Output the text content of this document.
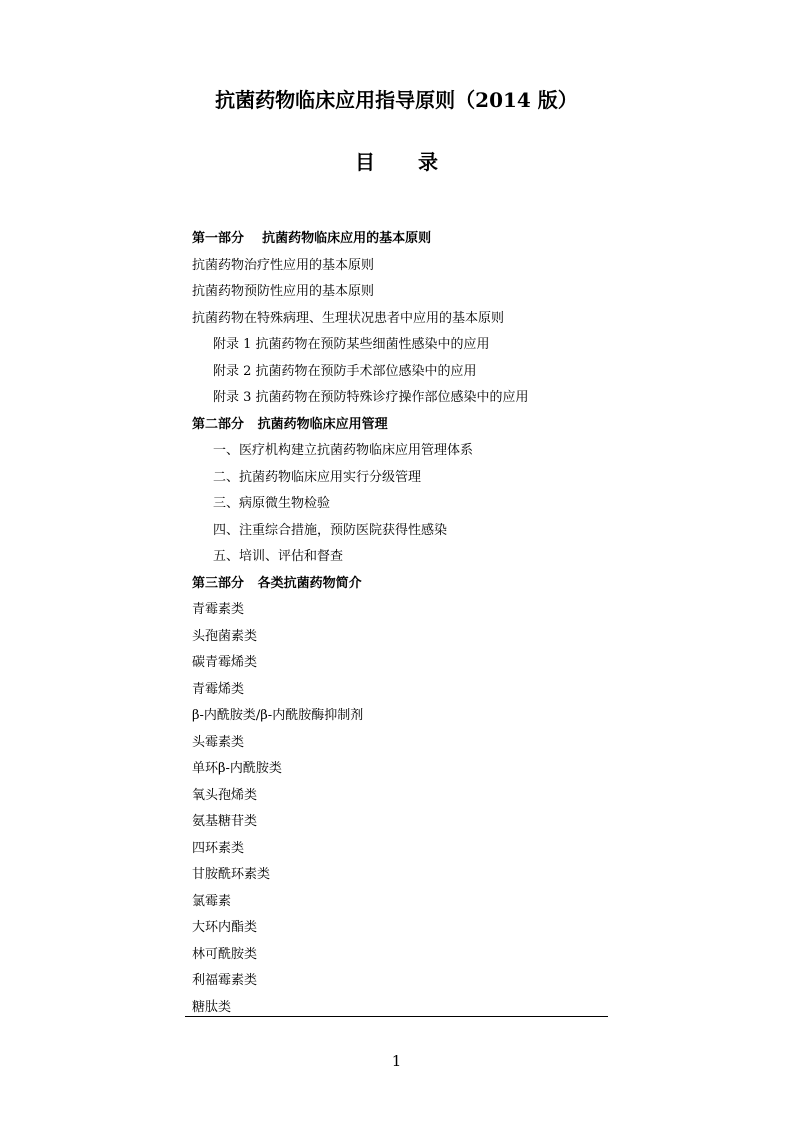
抗菌药物临床应用指导原则（2014 版）
目 录
第一部分    抗菌药物临床应用的基本原则
抗菌药物治疗性应用的基本原则
抗菌药物预防性应用的基本原则
抗菌药物在特殊病理、生理状况患者中应用的基本原则
附录 1 抗菌药物在预防某些细菌性感染中的应用
附录 2 抗菌药物在预防手术部位感染中的应用
附录 3 抗菌药物在预防特殊诊疗操作部位感染中的应用
第二部分   抗菌药物临床应用管理
一、医疗机构建立抗菌药物临床应用管理体系
二、抗菌药物临床应用实行分级管理
三、病原微生物检验
四、注重综合措施，预防医院获得性感染
五、培训、评估和督查
第三部分   各类抗菌药物简介
青霉素类
头孢菌素类
碳青霉烯类
青霉烯类
β-内酰胺类/β-内酰胺酶抑制剂
头霉素类
单环β-内酰胺类
氧头孢烯类
氨基糖苷类
四环素类
甘胺酰环素类
氯霉素
大环内酯类
林可酰胺类
利福霉素类
糖肽类
1
